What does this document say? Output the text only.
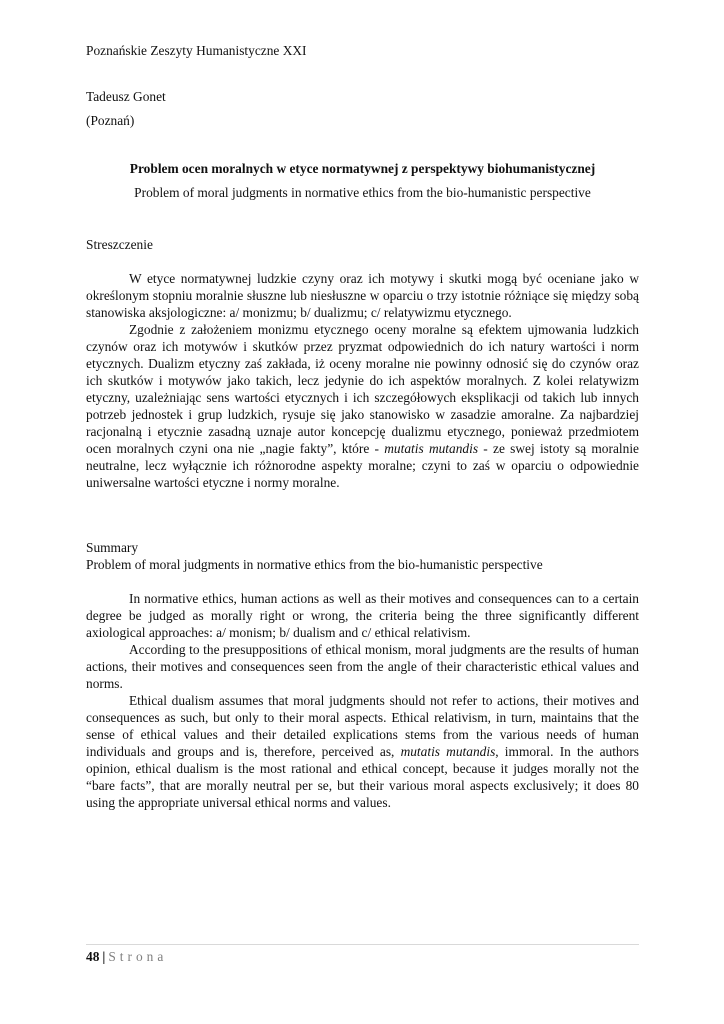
Poznańskie Zeszyty Humanistyczne XXI
Tadeusz Gonet
(Poznań)
Problem ocen moralnych w etyce normatywnej z perspektywy biohumanistycznej
Problem of moral judgments in normative ethics from the bio-humanistic perspective
Streszczenie

W etyce normatywnej ludzkie czyny oraz ich motywy i skutki mogą być oceniane jako w określonym stopniu moralnie słuszne lub niesłuszne w oparciu o trzy istotnie różniące się między sobą stanowiska aksjologiczne: a/ monizmu; b/ dualizmu; c/ relatywizmu etycznego.

Zgodnie z założeniem monizmu etycznego oceny moralne są efektem ujmowania ludzkich czynów oraz ich motywów i skutków przez pryzmat odpowiednich do ich natury wartości i norm etycznych. Dualizm etyczny zaś zakłada, iż oceny moralne nie powinny odnosić się do czynów oraz ich skutków i motywów jako takich, lecz jedynie do ich aspektów moralnych. Z kolei relatywizm etyczny, uzależniając sens wartości etycznych i ich szczegółowych eksplikacji od takich lub innych potrzeb jednostek i grup ludzkich, rysuje się jako stanowisko w zasadzie amoralne. Za najbardziej racjonalną i etycznie zasadną uznaje autor koncepcję dualizmu etycznego, ponieważ przedmiotem ocen moralnych czyni ona nie „nagie fakty”, które - mutatis mutandis - ze swej istoty są moralnie neutralne, lecz wyłącznie ich różnorodne aspekty moralne; czyni to zaś w oparciu o odpowiednie uniwersalne wartości etyczne i normy moralne.

Summary
Problem of moral judgments in normative ethics from the bio-humanistic perspective

In normative ethics, human actions as well as their motives and consequences can to a certain degree be judged as morally right or wrong, the criteria being the three significantly different axiological approaches: a/ monism; b/ dualism and c/ ethical relativism.

According to the presuppositions of ethical monism, moral judgments are the results of human actions, their motives and consequences seen from the angle of their characteristic ethical values and norms.

Ethical dualism assumes that moral judgments should not refer to actions, their motives and consequences as such, but only to their moral aspects. Ethical relativism, in turn, maintains that the sense of ethical values and their detailed explications stems from the various needs of human individuals and groups and is, therefore, perceived as, mutatis mutandis, immoral. In the authors opinion, ethical dualism is the most rational and ethical concept, because it judges morally not the “bare facts”, that are morally neutral per se, but their various moral aspects exclusively; it does 80 using the appropriate universal ethical norms and values.

48 | Strona
